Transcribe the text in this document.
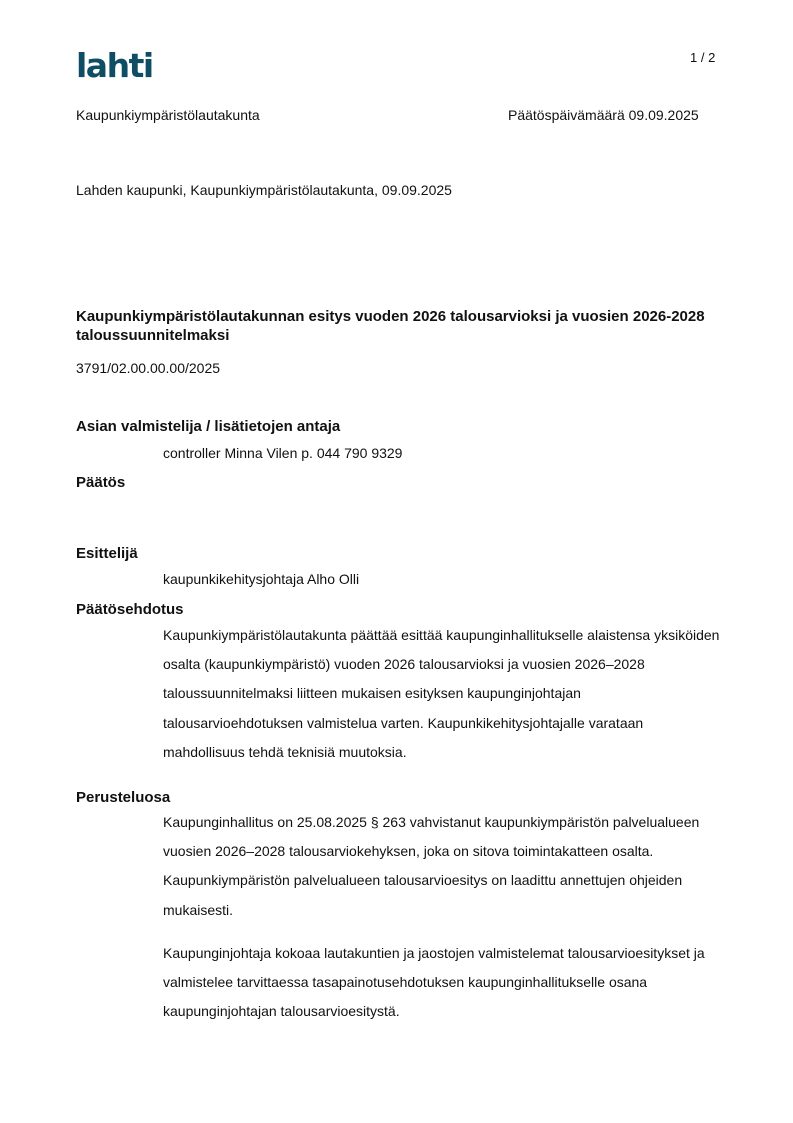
lahti	1 / 2
Kaupunkiympäristölautakunta	Päätöspäivämäärä 09.09.2025
Lahden kaupunki, Kaupunkiympäristölautakunta, 09.09.2025
Kaupunkiympäristölautakunnan esitys vuoden 2026 talousarvioksi ja vuosien 2026-2028 taloussuunnitelmaksi
3791/02.00.00.00/2025
Asian valmistelija / lisätietojen antaja
controller Minna Vilen p. 044 790 9329
Päätös
Esittelijä
kaupunkikehitysjohtaja Alho Olli
Päätösehdotus
Kaupunkiympäristölautakunta päättää esittää kaupunginhallitukselle alaistensa yksiköiden osalta (kaupunkiympäristö) vuoden 2026 talousarvioksi ja vuosien 2026–2028 taloussuunnitelmaksi liitteen mukaisen esityksen kaupunginjohtajan talousarvioehdotuksen valmistelua varten. Kaupunkikehitysjohtajalle varataan mahdollisuus tehdä teknisiä muutoksia.
Perusteluosa
Kaupunginhallitus on 25.08.2025 § 263 vahvistanut kaupunkiympäristön palvelualueen vuosien 2026–2028 talousarviokehyksen, joka on sitova toimintakatteen osalta. Kaupunkiympäristön palvelualueen talousarvioesitys on laadittu annettujen ohjeiden mukaisesti.
Kaupunginjohtaja kokoaa lautakuntien ja jaostojen valmistelemat talousarvioesitykset ja valmistelee tarvittaessa tasapainotusehdotuksen kaupunginhallitukselle osana kaupunginjohtajan talousarvioesitystä.
